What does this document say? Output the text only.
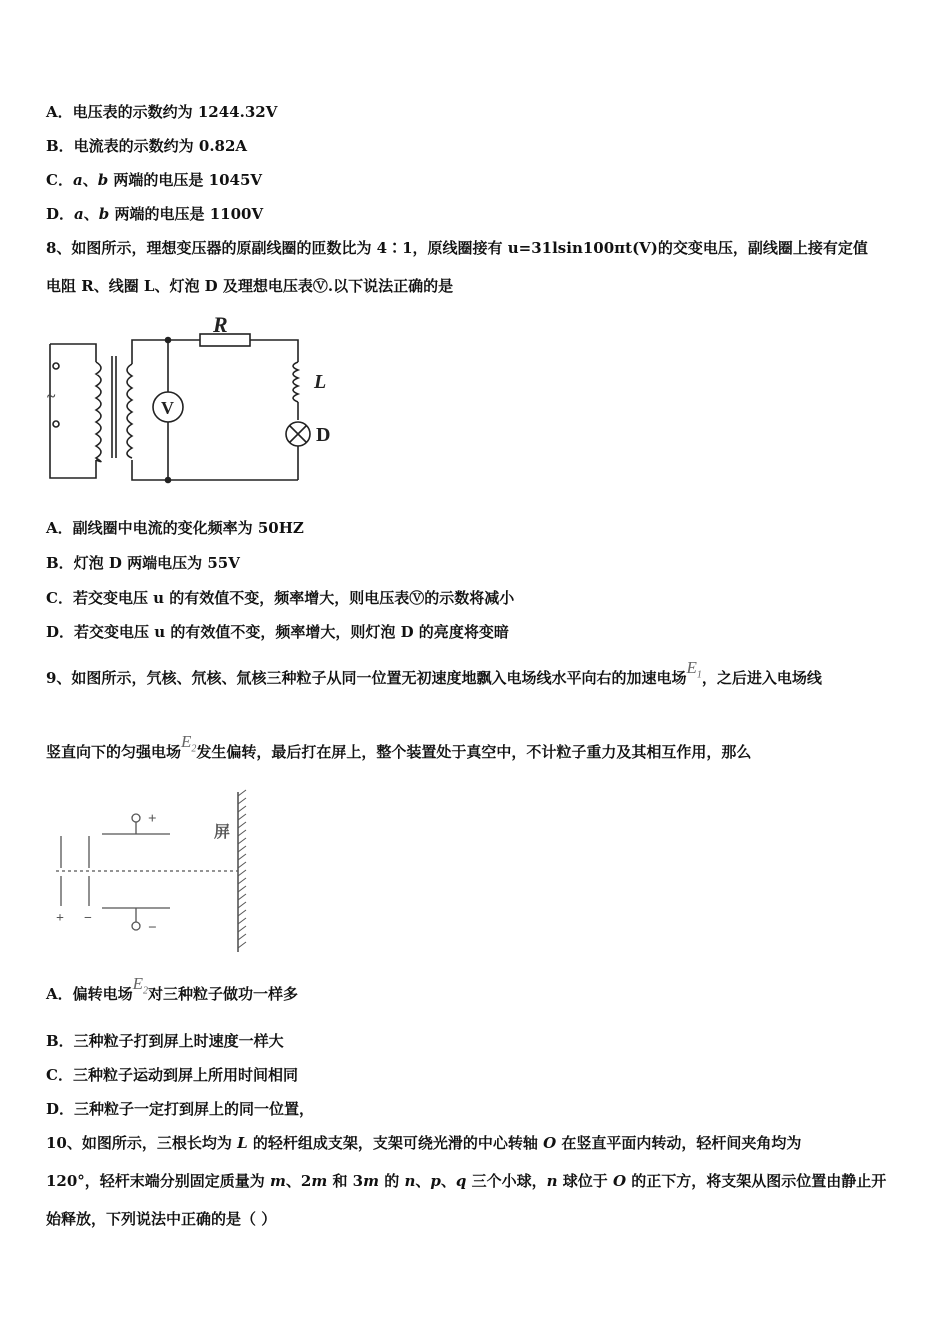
A．电压表的示数约为 1244.32V
B．电流表的示数约为 0.82A
C．a、b 两端的电压是 1045V
D．a、b 两端的电压是 1100V
8、如图所示，理想变压器的原副线圈的匝数比为 4∶1，原线圈接有 u=31lsin100πt(V)的交变电压，副线圈上接有定值
电阻 R、线圈 L、灯泡 D 及理想电压表Ⓥ.以下说法正确的是
R
L
D
V
~
A．副线圈中电流的变化频率为 50HZ
B．灯泡 D 两端电压为 55V
C．若交变电压 u 的有效值不变，频率增大，则电压表Ⓥ的示数将减小
D．若交变电压 u 的有效值不变，频率增大，则灯泡 D 的亮度将变暗
9、如图所示，氕核、氘核、氚核三种粒子从同一位置无初速度地飘入电场线水平向右的加速电场$E_1$，之后进入电场线
竖直向下的匀强电场$E_2$发生偏转，最后打在屏上，整个装置处于真空中，不计粒子重力及其相互作用，那么
屏
+
−
+ −
A．偏转电场$E_2$对三种粒子做功一样多
B．三种粒子打到屏上时速度一样大
C．三种粒子运动到屏上所用时间相同
D．三种粒子一定打到屏上的同一位置，
10、如图所示，三根长均为 L 的轻杆组成支架，支架可绕光滑的中心转轴 O 在竖直平面内转动，轻杆间夹角均为
120°，轻杆末端分别固定质量为 m、2m 和 3m 的 n、p、q 三个小球，n 球位于 O 的正下方，将支架从图示位置由静止开
始释放，下列说法中正确的是（ ）
